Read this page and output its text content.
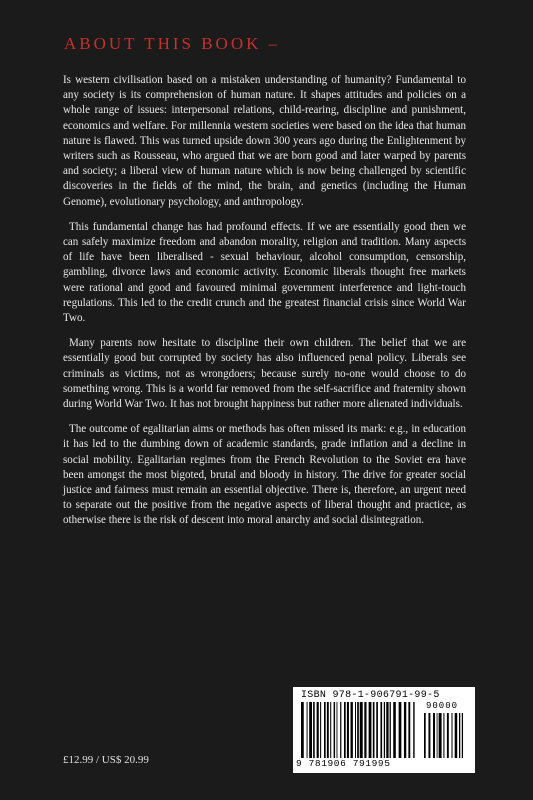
ABOUT THIS BOOK –

Is western civilisation based on a mistaken understanding of humanity? Fundamental to any society is its comprehension of human nature. It shapes attitudes and policies on a whole range of issues: interpersonal relations, child-rearing, discipline and punishment, economics and welfare. For millennia western societies were based on the idea that human nature is flawed. This was turned upside down 300 years ago during the Enlightenment by writers such as Rousseau, who argued that we are born good and later warped by parents and society; a liberal view of human nature which is now being challenged by scientific discoveries in the fields of the mind, the brain, and genetics (including the Human Genome), evolutionary psychology, and anthropology.

This fundamental change has had profound effects. If we are essentially good then we can safely maximize freedom and abandon morality, religion and tradition. Many aspects of life have been liberalised - sexual behaviour, alcohol consumption, censorship, gambling, divorce laws and economic activity. Economic liberals thought free markets were rational and good and favoured minimal government interference and light-touch regulations. This led to the credit crunch and the greatest financial crisis since World War Two.

Many parents now hesitate to discipline their own children. The belief that we are essentially good but corrupted by society has also influenced penal policy. Liberals see criminals as victims, not as wrongdoers; because surely no-one would choose to do something wrong. This is a world far removed from the self-sacrifice and fraternity shown during World War Two. It has not brought happiness but rather more alienated individuals.

The outcome of egalitarian aims or methods has often missed its mark: e.g., in education it has led to the dumbing down of academic standards, grade inflation and a decline in social mobility. Egalitarian regimes from the French Revolution to the Soviet era have been amongst the most bigoted, brutal and bloody in history. The drive for greater social justice and fairness must remain an essential objective. There is, therefore, an urgent need to separate out the positive from the negative aspects of liberal thought and practice, as otherwise there is the risk of descent into moral anarchy and social disintegration.

£12.99 / US$ 20.99
ISBN 978-1-906791-99-5
90000
9 781906 791995
